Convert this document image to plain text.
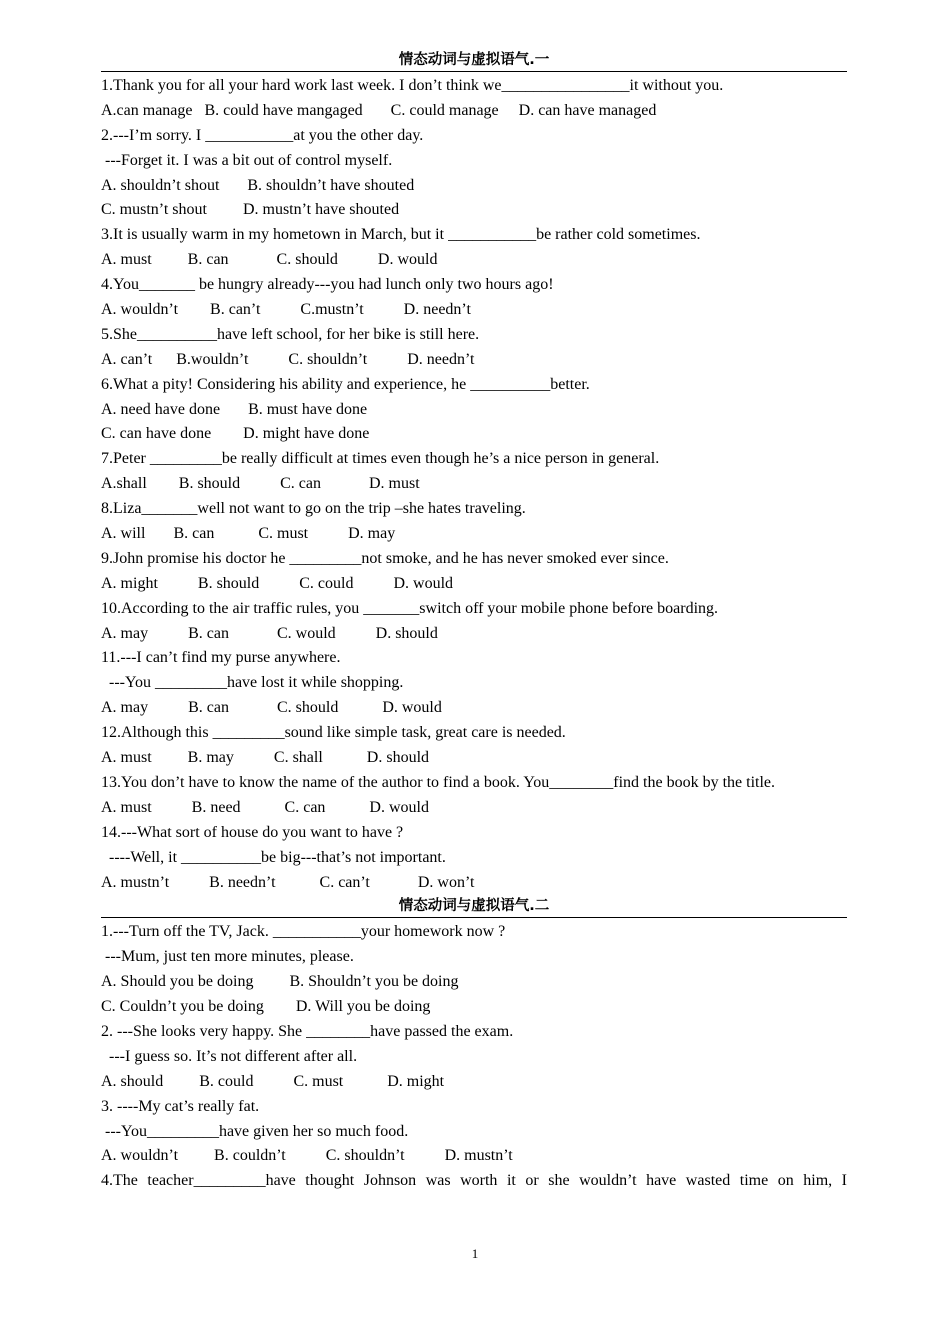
情态动词与虚拟语气.一
1.Thank you for all your hard work last week. I don’t think we________________it without you.
A.can manage   B. could have mangaged       C. could manage     D. can have managed
2.---I’m sorry. I ___________at you the other day.
---Forget it. I was a bit out of control myself.
A. shouldn’t shout       B. shouldn’t have shouted
C. mustn’t shout         D. mustn’t have shouted
3.It is usually warm in my hometown in March, but it ___________be rather cold sometimes.
A. must         B. can            C. should          D. would
4.You_______ be hungry already---you had lunch only two hours ago!
A. wouldn’t        B. can’t          C.mustn’t          D. needn’t
5.She__________have left school, for her bike is still here.
A. can’t      B.wouldn’t          C. shouldn’t          D. needn’t
6.What a pity! Considering his ability and experience, he __________better.
A. need have done       B. must have done
C. can have done        D. might have done
7.Peter _________be really difficult at times even though he’s a nice person in general.
A.shall        B. should          C. can            D. must
8.Liza_______well not want to go on the trip –she hates traveling.
A. will       B. can           C. must          D. may
9.John promise his doctor he _________not smoke, and he has never smoked ever since.
A. might          B. should          C. could          D. would
10.According to the air traffic rules, you _______switch off your mobile phone before boarding.
A. may          B. can            C. would          D. should
11.---I can’t find my purse anywhere.
---You _________have lost it while shopping.
A. may          B. can            C. should           D. would
12.Although this _________sound like simple task, great care is needed.
A. must         B. may          C. shall           D. should
13.You don’t have to know the name of the author to find a book. You________find the book by the title.
A. must          B. need           C. can           D. would
14.---What sort of house do you want to have ?
----Well, it __________be big---that’s not important.
A. mustn’t          B. needn’t           C. can’t            D. won’t
情态动词与虚拟语气.二
1.---Turn off the TV, Jack. ___________your homework now ?
---Mum, just ten more minutes, please.
A. Should you be doing         B. Shouldn’t you be doing
C. Couldn’t you be doing        D. Will you be doing
2. ---She looks very happy. She ________have passed the exam.
---I guess so. It’s not different after all.
A. should         B. could          C. must           D. might
3. ----My cat’s really fat.
---You_________have given her so much food.
A. wouldn’t         B. couldn’t          C. shouldn’t          D. mustn’t
4.The teacher_________have thought Johnson was worth it or she wouldn’t have wasted time on him, I
1
